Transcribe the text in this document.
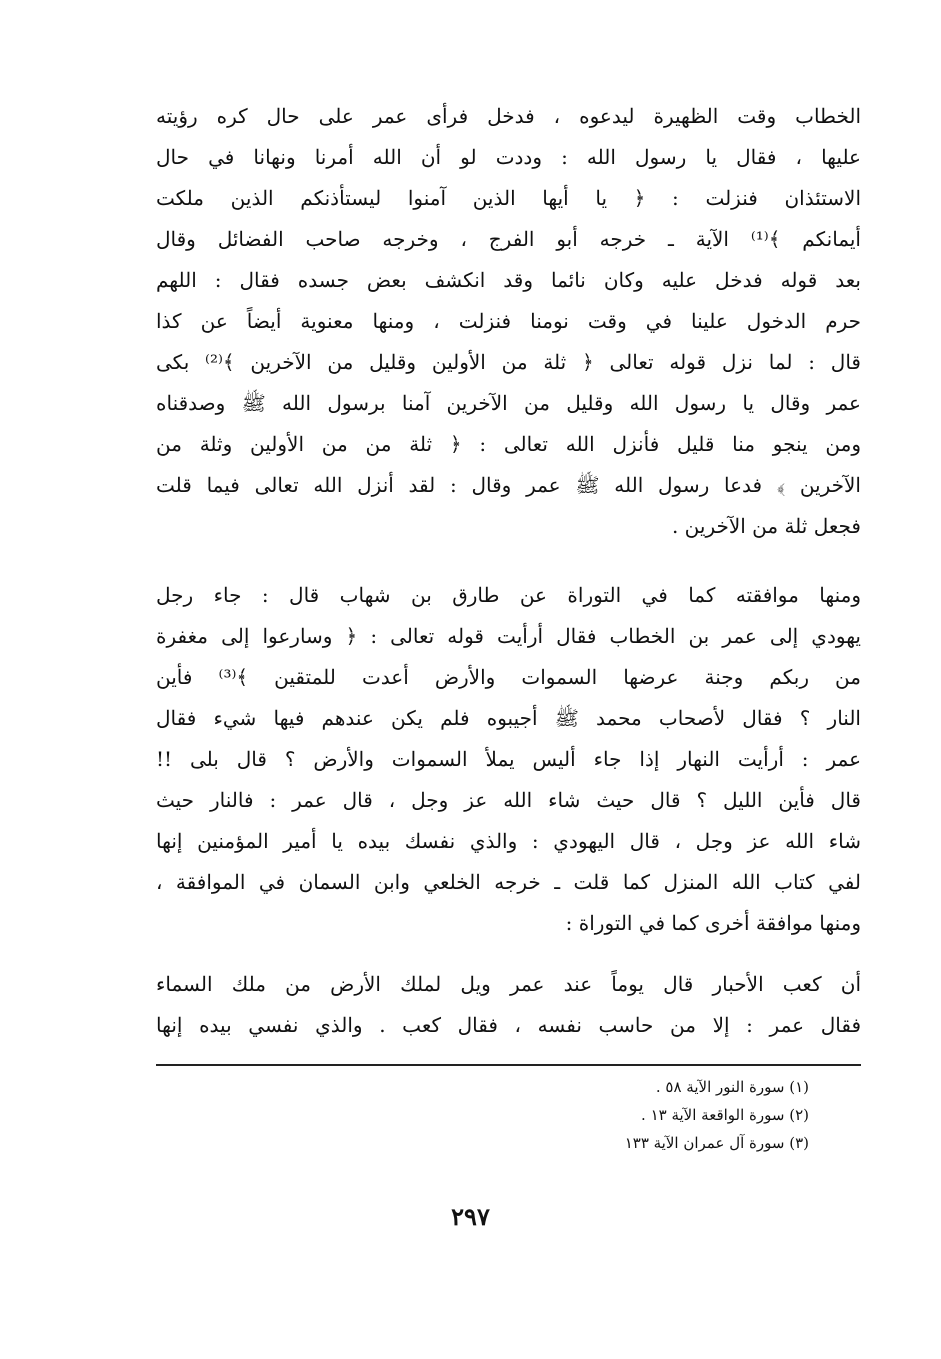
الخطاب وقت الظهيرة ليدعوه ، فدخل فرأى عمر على حال كره رؤيته
عليها ، فقال يا رسول الله : وددت لو أن الله أمرنا ونهانا في حال
الاستئذان فنزلت : ﴿ يا أيها الذين آمنوا ليستأذنكم الذين ملكت
أيمانكم ﴾⁽¹⁾ الآية ـ خرجه أبو الفرج ، وخرجه صاحب الفضائل وقال
بعد قوله فدخل عليه وكان نائما وقد انكشف بعض جسده فقال : اللهم
حرم الدخول علينا في وقت نومنا فنزلت ، ومنها معنوية أيضاً عن كذا
قال : لما نزل قوله تعالى ﴿ ثلة من الأولين وقليل من الآخرين ﴾⁽²⁾ بكى
عمر وقال يا رسول الله وقليل من الآخرين آمنا برسول الله ﷺ وصدقناه
ومن ينجو منا قليل فأنزل الله تعالى : ﴿ ثلة من من الأولين وثلة من
الآخرين ﴾ فدعا رسول الله ﷺ عمر وقال : لقد أنزل الله تعالى فيما قلت
فجعل ثلة من الآخرين .
ومنها موافقته كما في التوراة عن طارق بن شهاب قال : جاء رجل
يهودي إلى عمر بن الخطاب فقال أرأيت قوله تعالى : ﴿ وسارعوا إلى مغفرة
من ربكم وجنة عرضها السموات والأرض أعدت للمتقين ﴾⁽³⁾ فأين
النار ؟ فقال لأصحاب محمد ﷺ أجيبوه فلم يكن عندهم فيها شيء فقال
عمر : أرأيت النهار إذا جاء أليس يملأ السموات والأرض ؟ قال بلى !!
قال فأين الليل ؟ قال حيث شاء الله عز وجل ، قال عمر : فالنار حيث
شاء الله عز وجل ، قال اليهودي : والذي نفسك بيده يا أمير المؤمنين إنها
لفي كتاب الله المنزل كما قلت ـ خرجه الخلعي وابن السمان في الموافقة ،
ومنها موافقة أخرى كما في التوراة :
أن كعب الأحبار قال يوماً عند عمر ويل لملك الأرض من ملك السماء
فقال عمر : إلا من حاسب نفسه ، فقال كعب . والذي نفسي بيده إنها
(١) سورة النور الآية ٥٨ .
(٢) سورة الواقعة الآية ١٣ .
(٣) سورة آل عمران الآية ١٣٣
٢٩٧
